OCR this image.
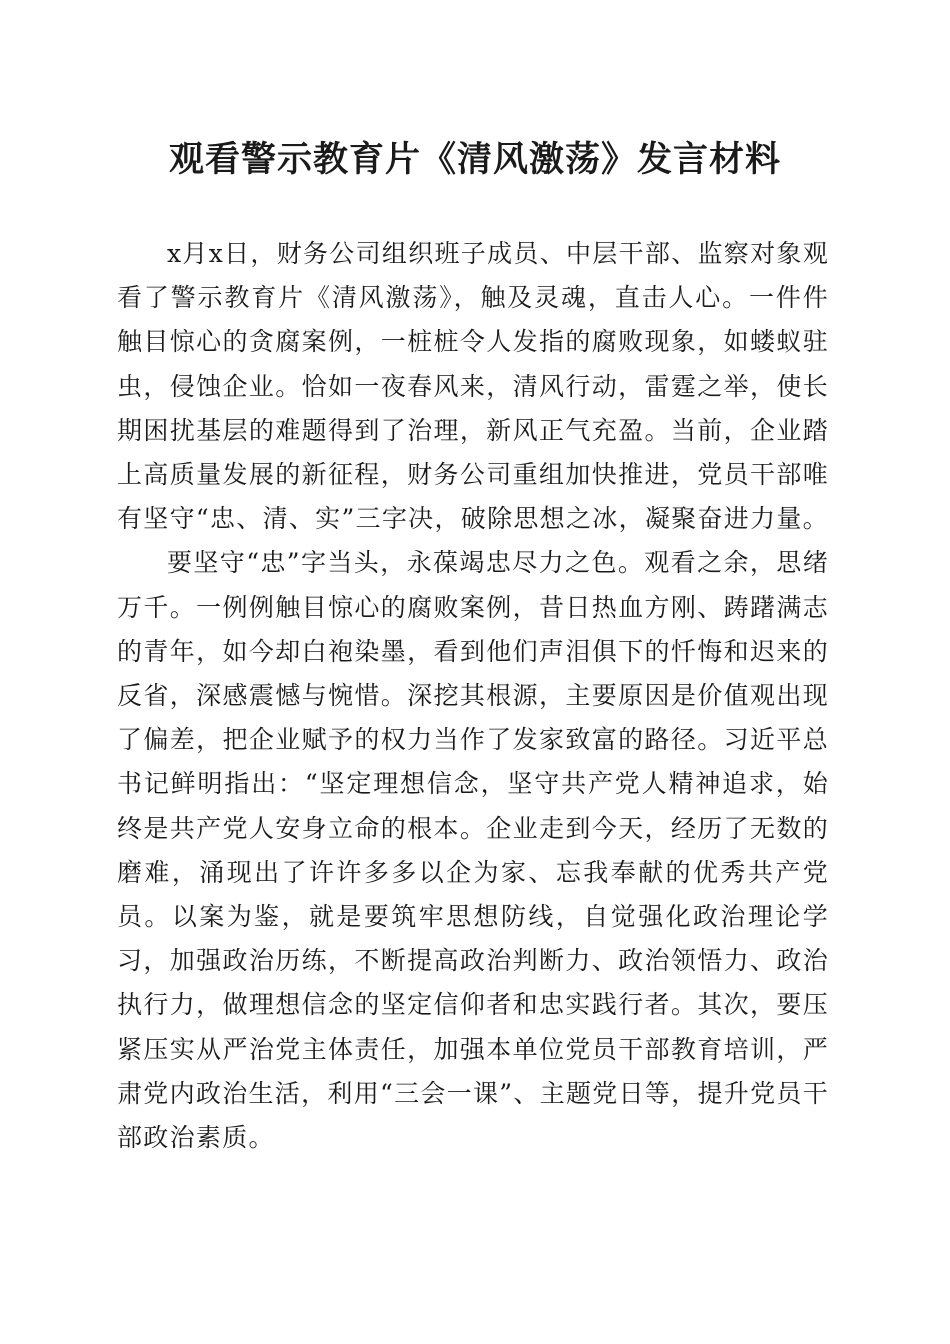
观看警示教育片《清风激荡》发言材料

x月x日，财务公司组织班子成员、中层干部、监察对象观看了警示教育片《清风激荡》，触及灵魂，直击人心。一件件触目惊心的贪腐案例，一桩桩令人发指的腐败现象，如蝼蚁驻虫，侵蚀企业。恰如一夜春风来，清风行动，雷霆之举，使长期困扰基层的难题得到了治理，新风正气充盈。当前，企业踏上高质量发展的新征程，财务公司重组加快推进，党员干部唯有坚守“忠、清、实”三字决，破除思想之冰，凝聚奋进力量。

要坚守“忠”字当头，永葆竭忠尽力之色。观看之余，思绪万千。一例例触目惊心的腐败案例，昔日热血方刚、踌躇满志的青年，如今却白袍染墨，看到他们声泪俱下的忏悔和迟来的反省，深感震憾与惋惜。深挖其根源，主要原因是价值观出现了偏差，把企业赋予的权力当作了发家致富的路径。习近平总书记鲜明指出：“坚定理想信念，坚守共产党人精神追求，始终是共产党人安身立命的根本。企业走到今天，经历了无数的磨难，涌现出了许许多多以企为家、忘我奉献的优秀共产党员。以案为鉴，就是要筑牢思想防线，自觉强化政治理论学习，加强政治历练，不断提高政治判断力、政治领悟力、政治执行力，做理想信念的坚定信仰者和忠实践行者。其次，要压紧压实从严治党主体责任，加强本单位党员干部教育培训，严肃党内政治生活，利用“三会一课”、主题党日等，提升党员干部政治素质。
